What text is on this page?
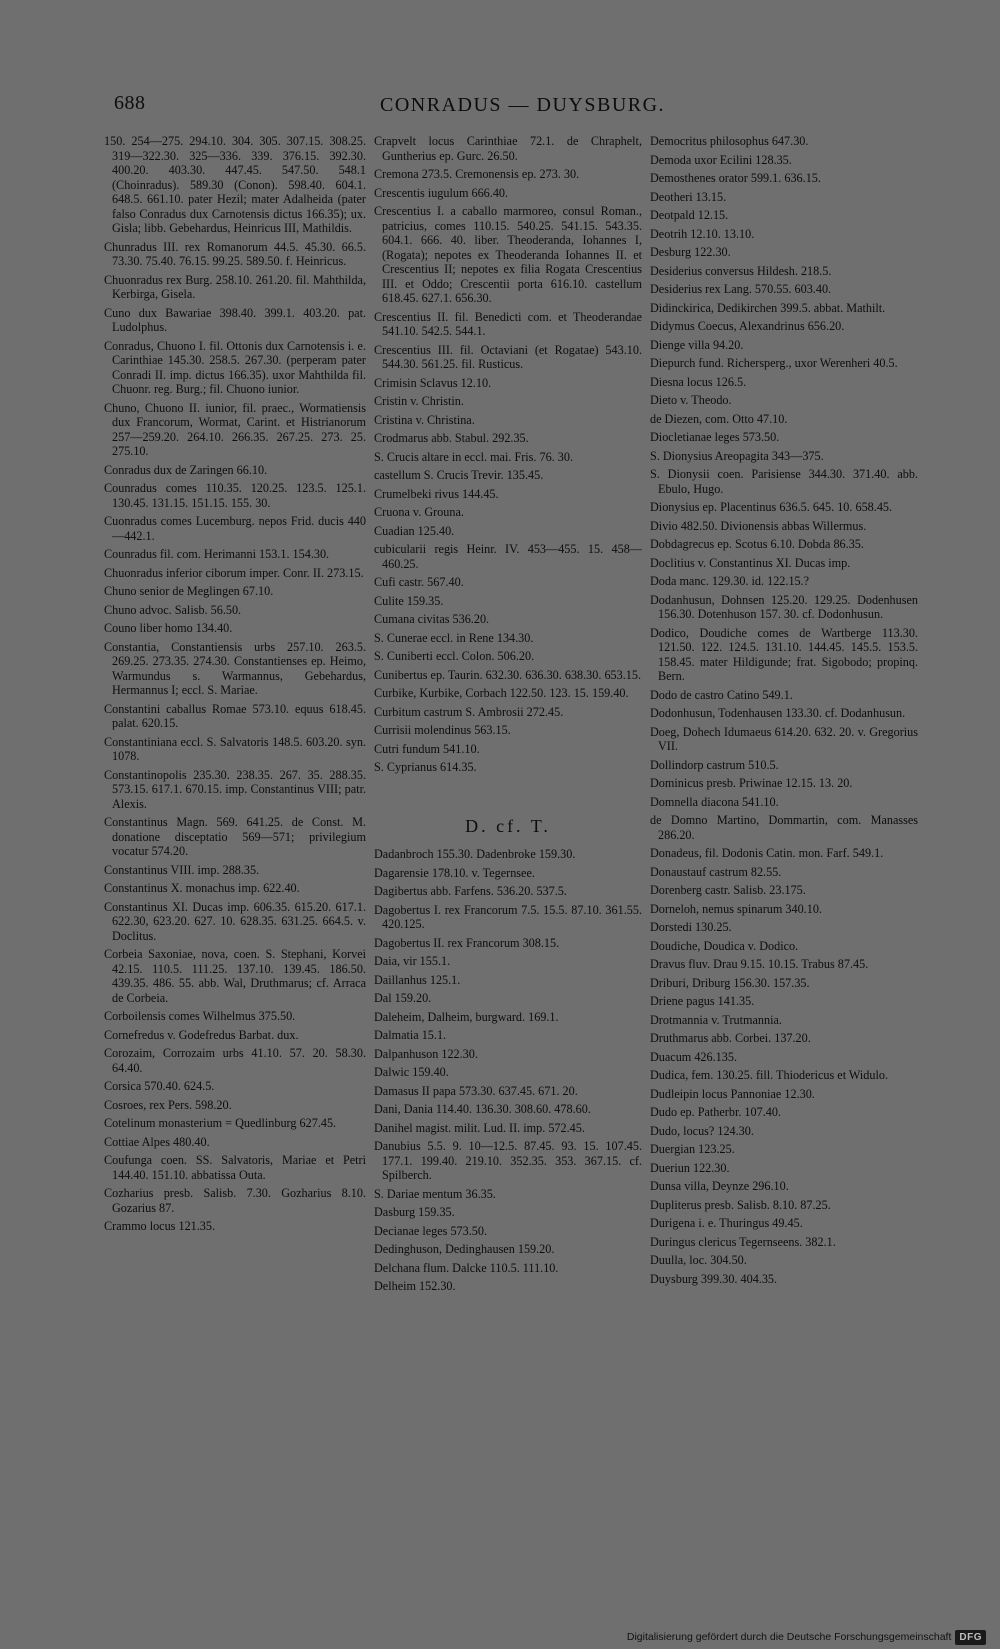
688	CONRADUS — DUYSBURG.

150. 254—275. 294.10. 304. 305. 307.15. 308.25. 319—322.30. 325—336. 339. 376.15. 392.30. 400.20. 403.30. 447.45. 547.50. 548.1 (Choinradus). 589.30 (Conon). 598.40. 604.1. 648.5. 661.10. pater Hezil; mater Adalheida (pater falso Conradus dux Carnotensis dictus 166.35); ux. Gisla; libb. Gebehardus, Heinricus III, Mathildis.

Chunradus III. rex Romanorum 44.5. 45.30. 66.5. 73.30. 75.40. 76.15. 99.25. 589.50. f. Heinricus.

Chuonradus rex Burg. 258.10. 261.20. fil. Mahthilda, Kerbirga, Gisela.

Cuno dux Bawariae 398.40. 399.1. 403.20. pat. Ludolphus.

Conradus, Chuono I. fil. Ottonis dux Carnotensis i. e. Carinthiae 145.30. 258.5. 267.30. (perperam pater Conradi II. imp. dictus 166.35). uxor Mahthilda fil. Chuonr. reg. Burg.; fil. Chuono iunior.

Chuno, Chuono II. iunior, fil. praec., Wormatiensis dux Francorum, Wormat, Carint. et Histrianorum 257—259.20. 264.10. 266.35. 267.25. 273. 25. 275.10.

Conradus dux de Zaringen 66.10.

Counradus comes 110.35. 120.25. 123.5. 125.1. 130.45. 131.15. 151.15. 155. 30.

Cuonradus comes Lucemburg. nepos Frid. ducis 440—442.1.

Counradus fil. com. Herimanni 153.1. 154.30.

Chuonradus inferior ciborum imper. Conr. II. 273.15.

Chuno senior de Meglingen 67.10.

Chuno advoc. Salisb. 56.50.

Couno liber homo 134.40.

Constantia, Constantiensis urbs 257.10. 263.5. 269.25. 273.35. 274.30. Constantienses ep. Heimo, Warmundus s. Warmannus, Gebehardus, Hermannus I; eccl. S. Mariae.

Constantini caballus Romae 573.10. equus 618.45. palat. 620.15.

Constantiniana eccl. S. Salvatoris 148.5. 603.20. syn. 1078.

Constantinopolis 235.30. 238.35. 267. 35. 288.35. 573.15. 617.1. 670.15. imp. Constantinus VIII; patr. Alexis.

Constantinus Magn. 569. 641.25. de Const. M. donatione disceptatio 569—571; privilegium vocatur 574.20.

Constantinus VIII. imp. 288.35.

Constantinus X. monachus imp. 622.40.

Constantinus XI. Ducas imp. 606.35. 615.20. 617.1. 622.30, 623.20. 627. 10. 628.35. 631.25. 664.5. v. Doclitus.

Corbeia Saxoniae, nova, coen. S. Stephani, Korvei 42.15. 110.5. 111.25. 137.10. 139.45. 186.50. 439.35. 486. 55. abb. Wal, Druthmarus; cf. Arraca de Corbeia.

Corboilensis comes Wilhelmus 375.50.

Cornefredus v. Godefredus Barbat. dux.

Corozaim, Corrozaim urbs 41.10. 57. 20. 58.30. 64.40.

Corsica 570.40. 624.5.

Cosroes, rex Pers. 598.20.

Cotelinum monasterium = Quedlinburg 627.45.

Cottiae Alpes 480.40.

Coufunga coen. SS. Salvatoris, Mariae et Petri 144.40. 151.10. abbatissa Outa.

Cozharius presb. Salisb. 7.30. Gozharius 8.10. Gozarius 87.

Crammo locus 121.35.

Crapvelt locus Carinthiae 72.1. de Chraphelt, Guntherius ep. Gurc. 26.50.

Cremona 273.5. Cremonensis ep. 273. 30.

Crescentis iugulum 666.40.

Crescentius I. a caballo marmoreo, consul Roman., patricius, comes 110.15. 540.25. 541.15. 543.35. 604.1. 666. 40. liber. Theoderanda, Iohannes I, (Rogata); nepotes ex Theoderanda Iohannes II. et Crescentius II; nepotes ex filia Rogata Crescentius III. et Oddo; Crescentii porta 616.10. castellum 618.45. 627.1. 656.30.

Crescentius II. fil. Benedicti com. et Theoderandae 541.10. 542.5. 544.1.

Crescentius III. fil. Octaviani (et Rogatae) 543.10. 544.30. 561.25. fil. Rusticus.

Crimisin Sclavus 12.10.

Cristin v. Christin.

Cristina v. Christina.

Crodmarus abb. Stabul. 292.35.

S. Crucis altare in eccl. mai. Fris. 76. 30.

castellum S. Crucis Trevir. 135.45.

Crumelbeki rivus 144.45.

Cruona v. Grouna.

Cuadian 125.40.

cubicularii regis Heinr. IV. 453—455. 15. 458—460.25.

Cufi castr. 567.40.

Culite 159.35.

Cumana civitas 536.20.

S. Cunerae eccl. in Rene 134.30.

S. Cuniberti eccl. Colon. 506.20.

Cunibertus ep. Taurin. 632.30. 636.30. 638.30. 653.15.

Curbike, Kurbike, Corbach 122.50. 123. 15. 159.40.

Curbitum castrum S. Ambrosii 272.45.

Currisii molendinus 563.15.

Cutri fundum 541.10.

S. Cyprianus 614.35.

D. cf. T.

Dadanbroch 155.30. Dadenbroke 159.30.

Dagarensie 178.10. v. Tegernsee.

Dagibertus abb. Farfens. 536.20. 537.5.

Dagobertus I. rex Francorum 7.5. 15.5. 87.10. 361.55. 420.125.

Dagobertus II. rex Francorum 308.15.

Daia, vir 155.1.

Daillanhus 125.1.

Dal 159.20.

Daleheim, Dalheim, burgward. 169.1.

Dalmatia 15.1.

Dalpanhuson 122.30.

Dalwic 159.40.

Damasus II papa 573.30. 637.45. 671. 20.

Dani, Dania 114.40. 136.30. 308.60. 478.60.

Danihel magist. milit. Lud. II. imp. 572.45.

Danubius 5.5. 9. 10—12.5. 87.45. 93. 15. 107.45. 177.1. 199.40. 219.10. 352.35. 353. 367.15. cf. Spilberch.

S. Dariae mentum 36.35.

Dasburg 159.35.

Decianae leges 573.50.

Dedinghuson, Dedinghausen 159.20.

Delchana flum. Dalcke 110.5. 111.10.

Delheim 152.30.

Democritus philosophus 647.30.

Demoda uxor Ecilini 128.35.

Demosthenes orator 599.1. 636.15.

Deotheri 13.15.

Deotpald 12.15.

Deotrih 12.10. 13.10.

Desburg 122.30.

Desiderius conversus Hildesh. 218.5.

Desiderius rex Lang. 570.55. 603.40.

Didinckirica, Dedikirchen 399.5. abbat. Mathilt.

Didymus Coecus, Alexandrinus 656.20.

Dienge villa 94.20.

Diepurch fund. Richersperg., uxor Werenheri 40.5.

Diesna locus 126.5.

Dieto v. Theodo.

de Diezen, com. Otto 47.10.

Diocletianae leges 573.50.

S. Dionysius Areopagita 343—375.

S. Dionysii coen. Parisiense 344.30. 371.40. abb. Ebulo, Hugo.

Dionysius ep. Placentinus 636.5. 645. 10. 658.45.

Divio 482.50. Divionensis abbas Willermus.

Dobdagrecus ep. Scotus 6.10. Dobda 86.35.

Doclitius v. Constantinus XI. Ducas imp.

Doda manc. 129.30. id. 122.15.?

Dodanhusun, Dohnsen 125.20. 129.25. Dodenhusen 156.30. Dotenhuson 157. 30. cf. Dodonhusun.

Dodico, Doudiche comes de Wartberge 113.30. 121.50. 122. 124.5. 131.10. 144.45. 145.5. 153.5. 158.45. mater Hildigunde; frat. Sigobodo; propinq. Bern.

Dodo de castro Catino 549.1.

Dodonhusun, Todenhausen 133.30. cf. Dodanhusun.

Doeg, Dohech Idumaeus 614.20. 632. 20. v. Gregorius VII.

Dollindorp castrum 510.5.

Dominicus presb. Priwinae 12.15. 13. 20.

Domnella diacona 541.10.

de Domno Martino, Dommartin, com. Manasses 286.20.

Donadeus, fil. Dodonis Catin. mon. Farf. 549.1.

Donaustauf castrum 82.55.

Dorenberg castr. Salisb. 23.175.

Dorneloh, nemus spinarum 340.10.

Dorstedi 130.25.

Doudiche, Doudica v. Dodico.

Dravus fluv. Drau 9.15. 10.15. Trabus 87.45.

Driburi, Driburg 156.30. 157.35.

Driene pagus 141.35.

Drotmannia v. Trutmannia.

Druthmarus abb. Corbei. 137.20.

Duacum 426.135.

Dudica, fem. 130.25. fill. Thiodericus et Widulo.

Dudleipin locus Pannoniae 12.30.

Dudo ep. Patherbr. 107.40.

Dudo, locus? 124.30.

Duergian 123.25.

Dueriun 122.30.

Dunsa villa, Deynze 296.10.

Dupliterus presb. Salisb. 8.10. 87.25.

Durigena i. e. Thuringus 49.45.

Duringus clericus Tegernseens. 382.1.

Duulla, loc. 304.50.

Duysburg 399.30. 404.35.

Digitalisierung gefördert durch die Deutsche Forschungsgemeinschaft DFG
